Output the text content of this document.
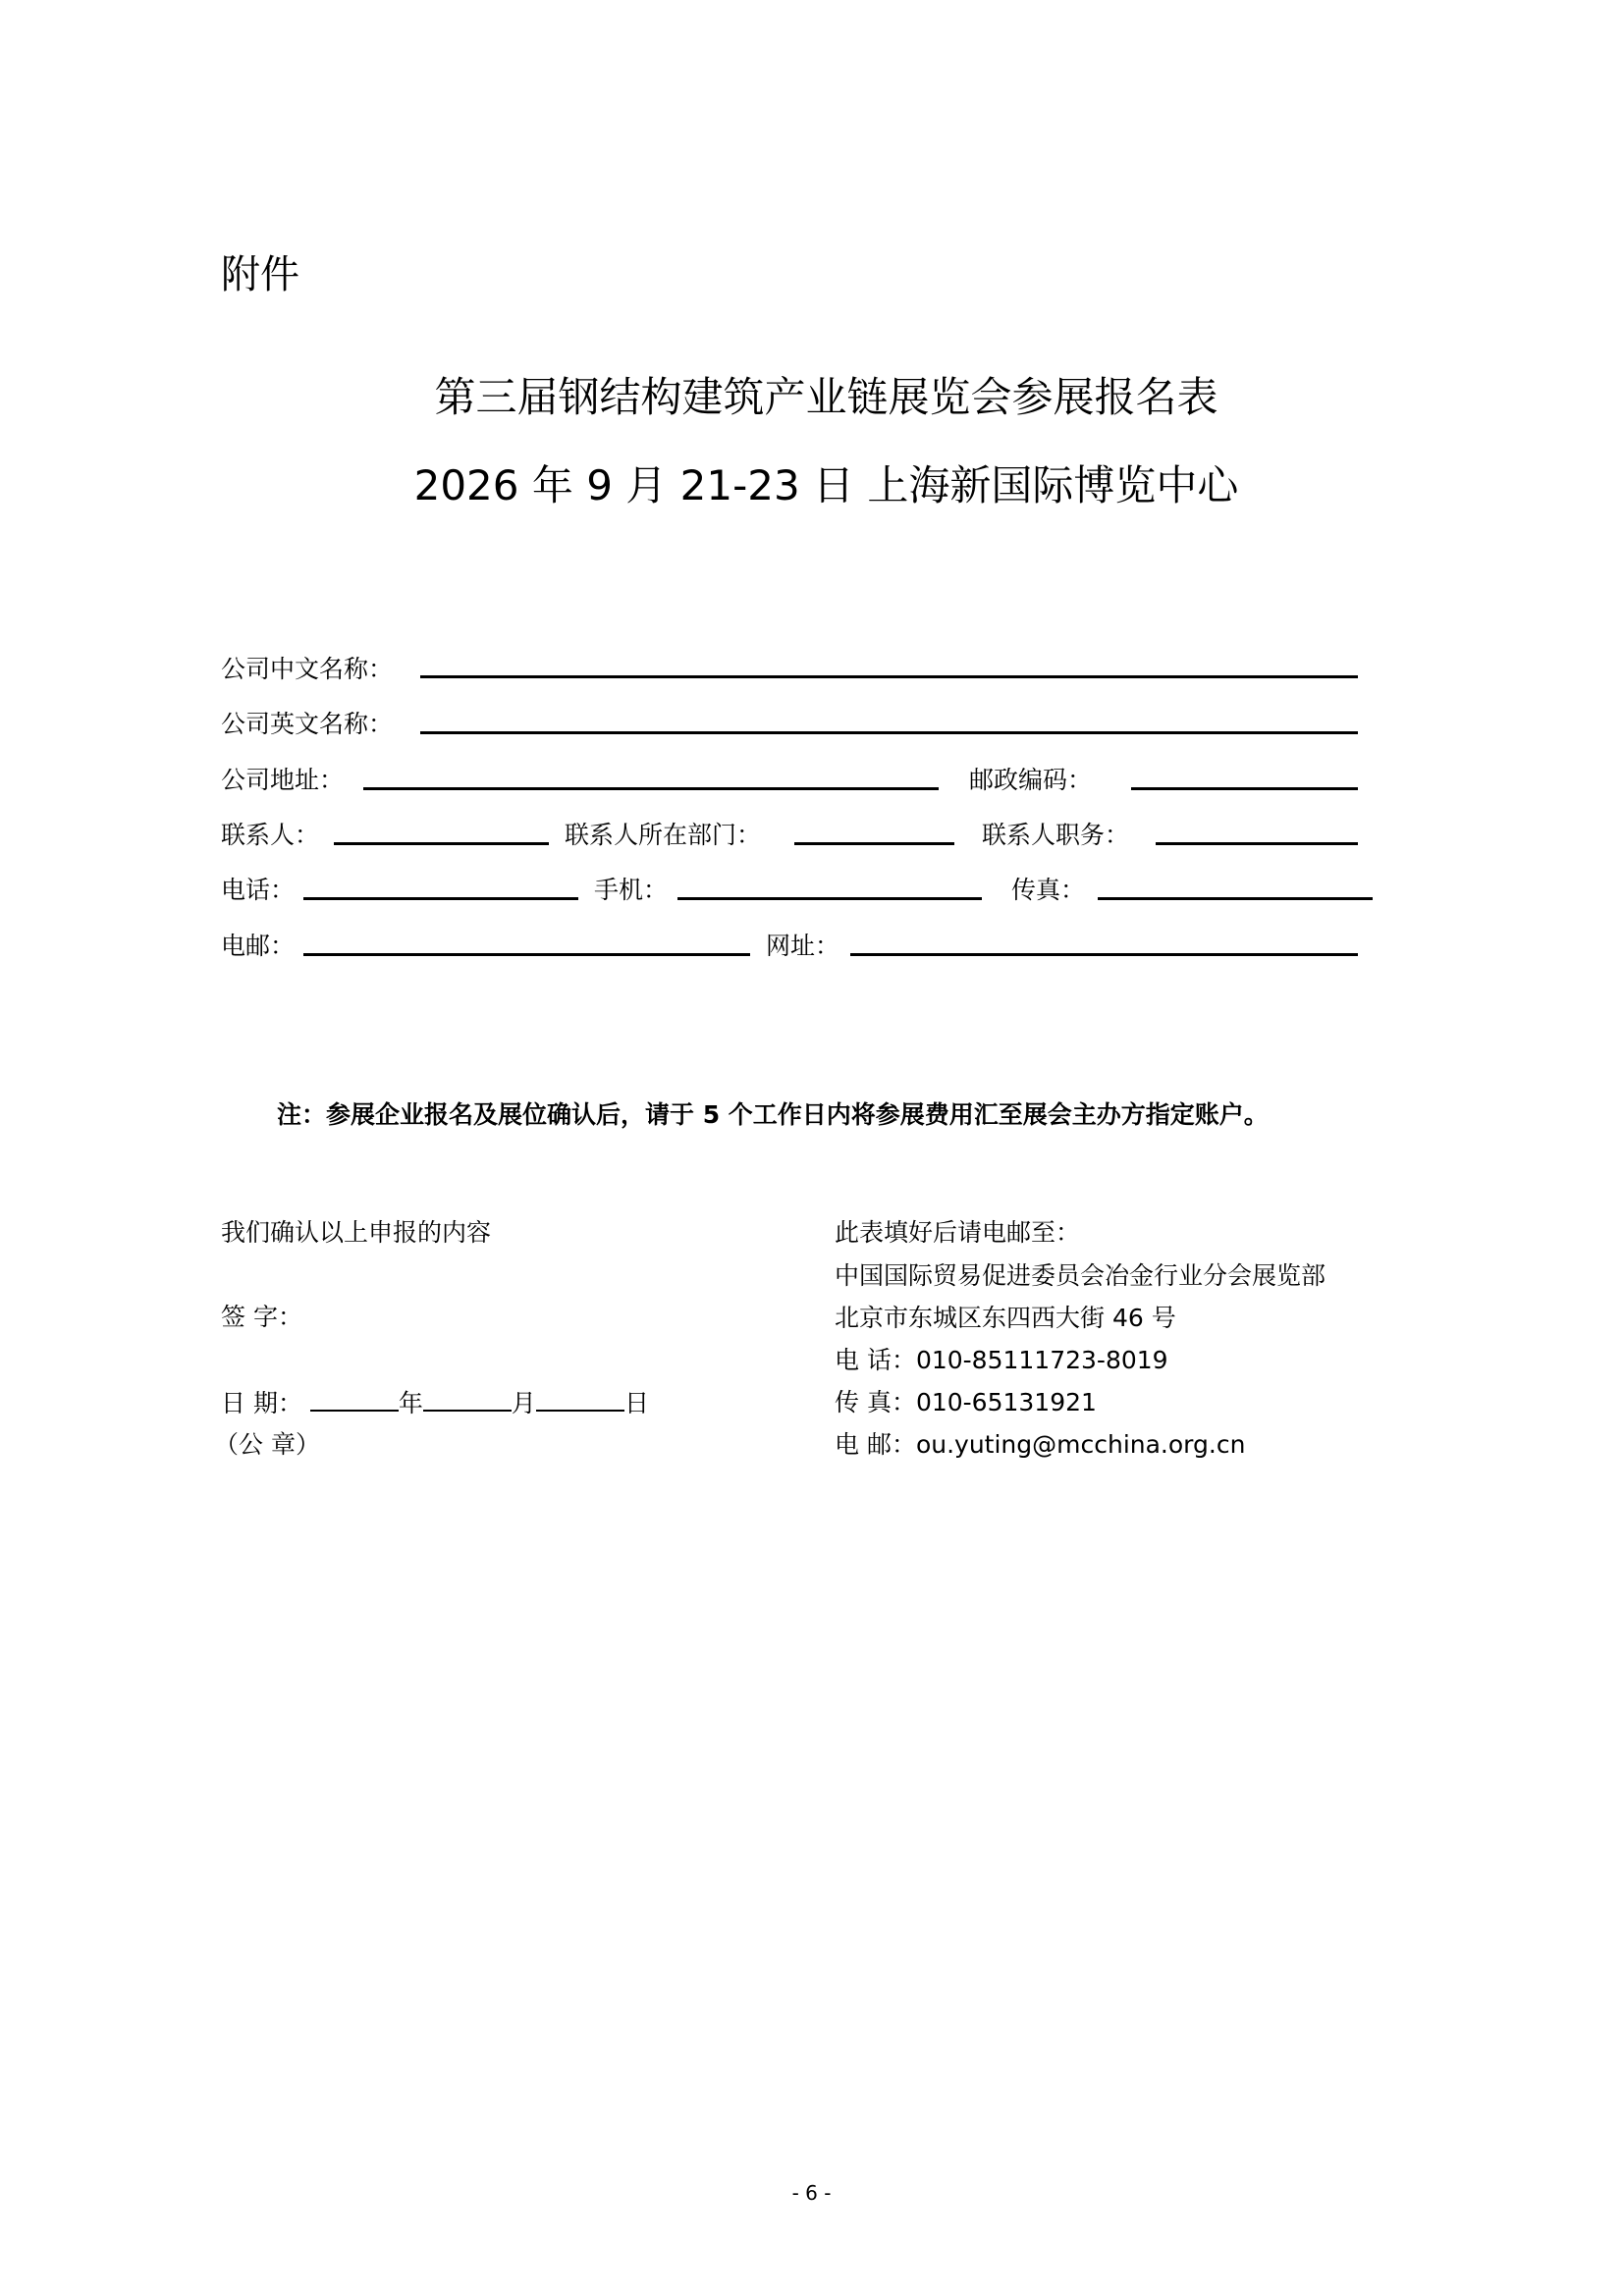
附件
第三届钢结构建筑产业链展览会参展报名表
2026 年 9 月 21-23 日 上海新国际博览中心
公司中文名称：
公司英文名称：
公司地址：	邮政编码：
联系人：	联系人所在部门：	联系人职务：
电话：	手机：	传真：
电邮：	网址：
注：参展企业报名及展位确认后，请于 5 个工作日内将参展费用汇至展会主办方指定账户。
我们确认以上申报的内容
签 字：
日 期：	年	月	日
（公 章）
此表填好后请电邮至：
中国国际贸易促进委员会冶金行业分会展览部
北京市东城区东四西大街 46 号
电 话：010-85111723-8019
传 真：010-65131921
电 邮：ou.yuting@mcchina.org.cn
- 6 -
